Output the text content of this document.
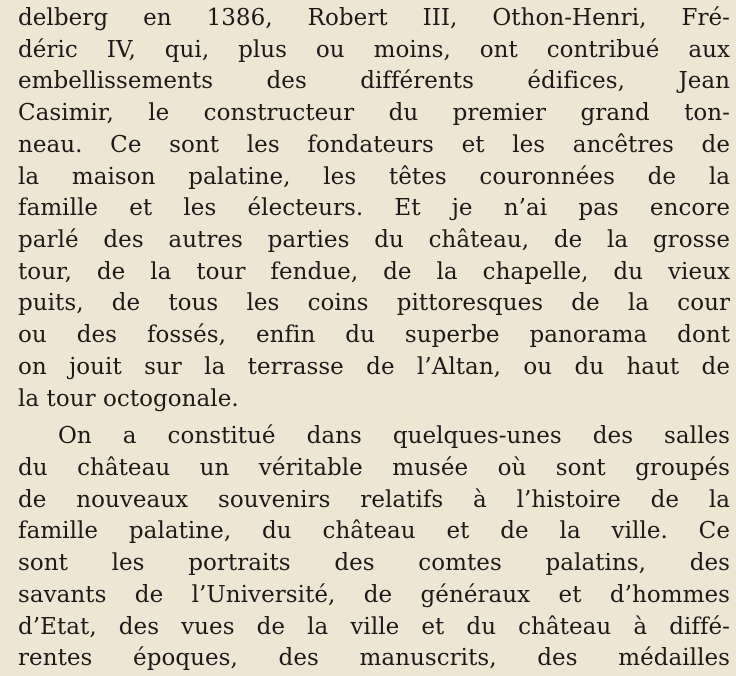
delberg en 1386, Robert III, Othon-Henri, Fré-
déric IV, qui, plus ou moins, ont contribué aux
embellissements des différents édifices, Jean
Casimir, le constructeur du premier grand ton-
neau. Ce sont les fondateurs et les ancêtres de
la maison palatine, les têtes couronnées de la
famille et les électeurs. Et je n’ai pas encore
parlé des autres parties du château, de la grosse
tour, de la tour fendue, de la chapelle, du vieux
puits, de tous les coins pittoresques de la cour
ou des fossés, enfin du superbe panorama dont
on jouit sur la terrasse de l’Altan, ou du haut de
la tour octogonale.
On a constitué dans quelques-unes des salles
du château un véritable musée où sont groupés
de nouveaux souvenirs relatifs à l’histoire de la
famille palatine, du château et de la ville. Ce
sont les portraits des comtes palatins, des
savants de l’Université, de généraux et d’hommes
d’Etat, des vues de la ville et du château à diffé-
rentes époques, des manuscrits, des médailles
